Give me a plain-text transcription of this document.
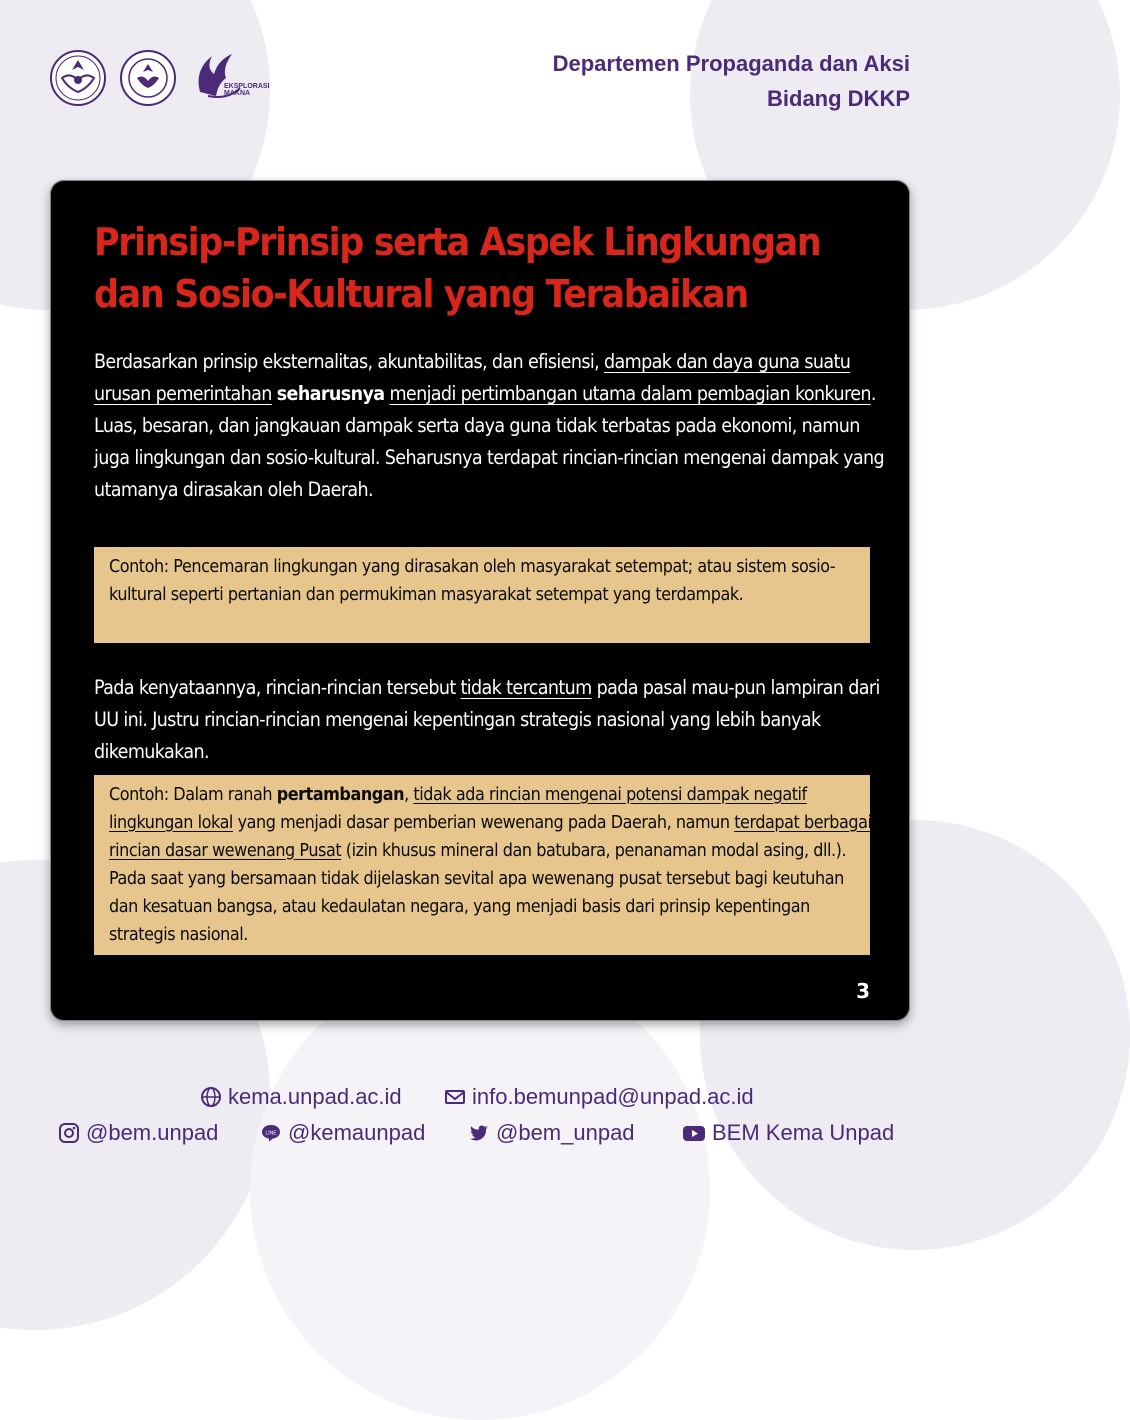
EKSPLORASI
MAKNA
Departemen Propaganda dan Aksi
Bidang DKKP
Prinsip-Prinsip serta Aspek Lingkungan
dan Sosio-Kultural yang Terabaikan

Berdasarkan prinsip eksternalitas, akuntabilitas, dan efisiensi, dampak dan daya guna suatu urusan pemerintahan seharusnya menjadi pertimbangan utama dalam pembagian konkuren. Luas, besaran, dan jangkauan dampak serta daya guna tidak terbatas pada ekonomi, namun juga lingkungan dan sosio-kultural. Seharusnya terdapat rincian-rincian mengenai dampak yang utamanya dirasakan oleh Daerah.

Contoh: Pencemaran lingkungan yang dirasakan oleh masyarakat setempat; atau sistem sosio-kultural seperti pertanian dan permukiman masyarakat setempat yang terdampak.

Pada kenyataannya, rincian-rincian tersebut tidak tercantum pada pasal mau-pun lampiran dari UU ini. Justru rincian-rincian mengenai kepentingan strategis nasional yang lebih banyak dikemukakan.

Contoh: Dalam ranah pertambangan, tidak ada rincian mengenai potensi dampak negatif lingkungan lokal yang menjadi dasar pemberian wewenang pada Daerah, namun terdapat berbagai rincian dasar wewenang Pusat (izin khusus mineral dan batubara, penanaman modal asing, dll.). Pada saat yang bersamaan tidak dijelaskan sevital apa wewenang pusat tersebut bagi keutuhan dan kesatuan bangsa, atau kedaulatan negara, yang menjadi basis dari prinsip kepentingan strategis nasional.
3
kema.unpad.ac.id	info.bemunpad@unpad.ac.id
@bem.unpad	LINE @kemaunpad	@bem_unpad	BEM Kema Unpad
